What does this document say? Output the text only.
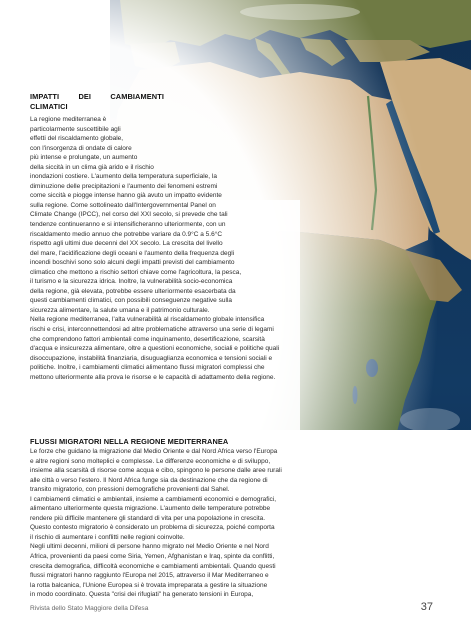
IMPATTI	DEI	CAMBIAMENTI
CLIMATICI
La regione mediterranea è
particolarmente suscettibile agli
effetti del riscaldamento globale,
con l'insorgenza di ondate di calore
più intense e prolungate, un aumento
della siccità in un clima già arido e il rischio
inondazioni costiere. L'aumento della temperatura superficiale, la
diminuzione delle precipitazioni e l'aumento dei fenomeni estremi
come siccità e piogge intense hanno già avuto un impatto evidente
sulla regione. Come sottolineato dall'Intergovernmental Panel on
Climate Change (IPCC), nel corso del XXI secolo, si prevede che tali
tendenze continueranno e si intensificheranno ulteriormente, con un
riscaldamento medio annuo che potrebbe variare da 0.9°C a 5.6°C
rispetto agli ultimi due decenni del XX secolo. La crescita del livello
del mare, l'acidificazione degli oceani e l'aumento della frequenza degli
incendi boschivi sono solo alcuni degli impatti previsti del cambiamento
climatico che mettono a rischio settori chiave come l'agricoltura, la pesca,
il turismo e la sicurezza idrica. Inoltre, la vulnerabilità socio-economica
della regione, già elevata, potrebbe essere ulteriormente esacerbata da
questi cambiamenti climatici, con possibili conseguenze negative sulla
sicurezza alimentare, la salute umana e il patrimonio culturale.
Nella regione mediterranea, l'alta vulnerabilità al riscaldamento globale intensifica
rischi e crisi, interconnettendosi ad altre problematiche attraverso una serie di legami
che comprendono fattori ambientali come inquinamento, desertificazione, scarsità
d'acqua e insicurezza alimentare, oltre a questioni economiche, sociali e politiche quali
disoccupazione, instabilità finanziaria, disuguaglianza economica e tensioni sociali e
politiche. Inoltre, i cambiamenti climatici alimentano flussi migratori complessi che
mettono ulteriormente alla prova le risorse e le capacità di adattamento della regione.
FLUSSI MIGRATORI NELLA REGIONE MEDITERRANEA
Le forze che guidano la migrazione dal Medio Oriente e dal Nord Africa verso l'Europa
e altre regioni sono molteplici e complesse. Le differenze economiche e di sviluppo,
insieme alla scarsità di risorse come acqua e cibo, spingono le persone dalle aree rurali
alle città o verso l'estero. Il Nord Africa funge sia da destinazione che da regione di
transito migratorio, con pressioni demografiche provenienti dal Sahel.
I cambiamenti climatici e ambientali, insieme a cambiamenti economici e demografici,
alimentano ulteriormente questa migrazione. L'aumento delle temperature potrebbe
rendere più difficile mantenere gli standard di vita per una popolazione in crescita.
Questo contesto migratorio è considerato un problema di sicurezza, poiché comporta
il rischio di aumentare i conflitti nelle regioni coinvolte.
Negli ultimi decenni, milioni di persone hanno migrato nel Medio Oriente e nel Nord
Africa, provenienti da paesi come Siria, Yemen, Afghanistan e Iraq, spinte da conflitti,
crescita demografica, difficoltà economiche e cambiamenti ambientali. Quando questi
flussi migratori hanno raggiunto l'Europa nel 2015, attraverso il Mar Mediterraneo e
la rotta balcanica, l'Unione Europea si è trovata impreparata a gestire la situazione
in modo coordinato. Questa "crisi dei rifugiati" ha generato tensioni in Europa,
Rivista dello Stato Maggiore della Difesa	37
